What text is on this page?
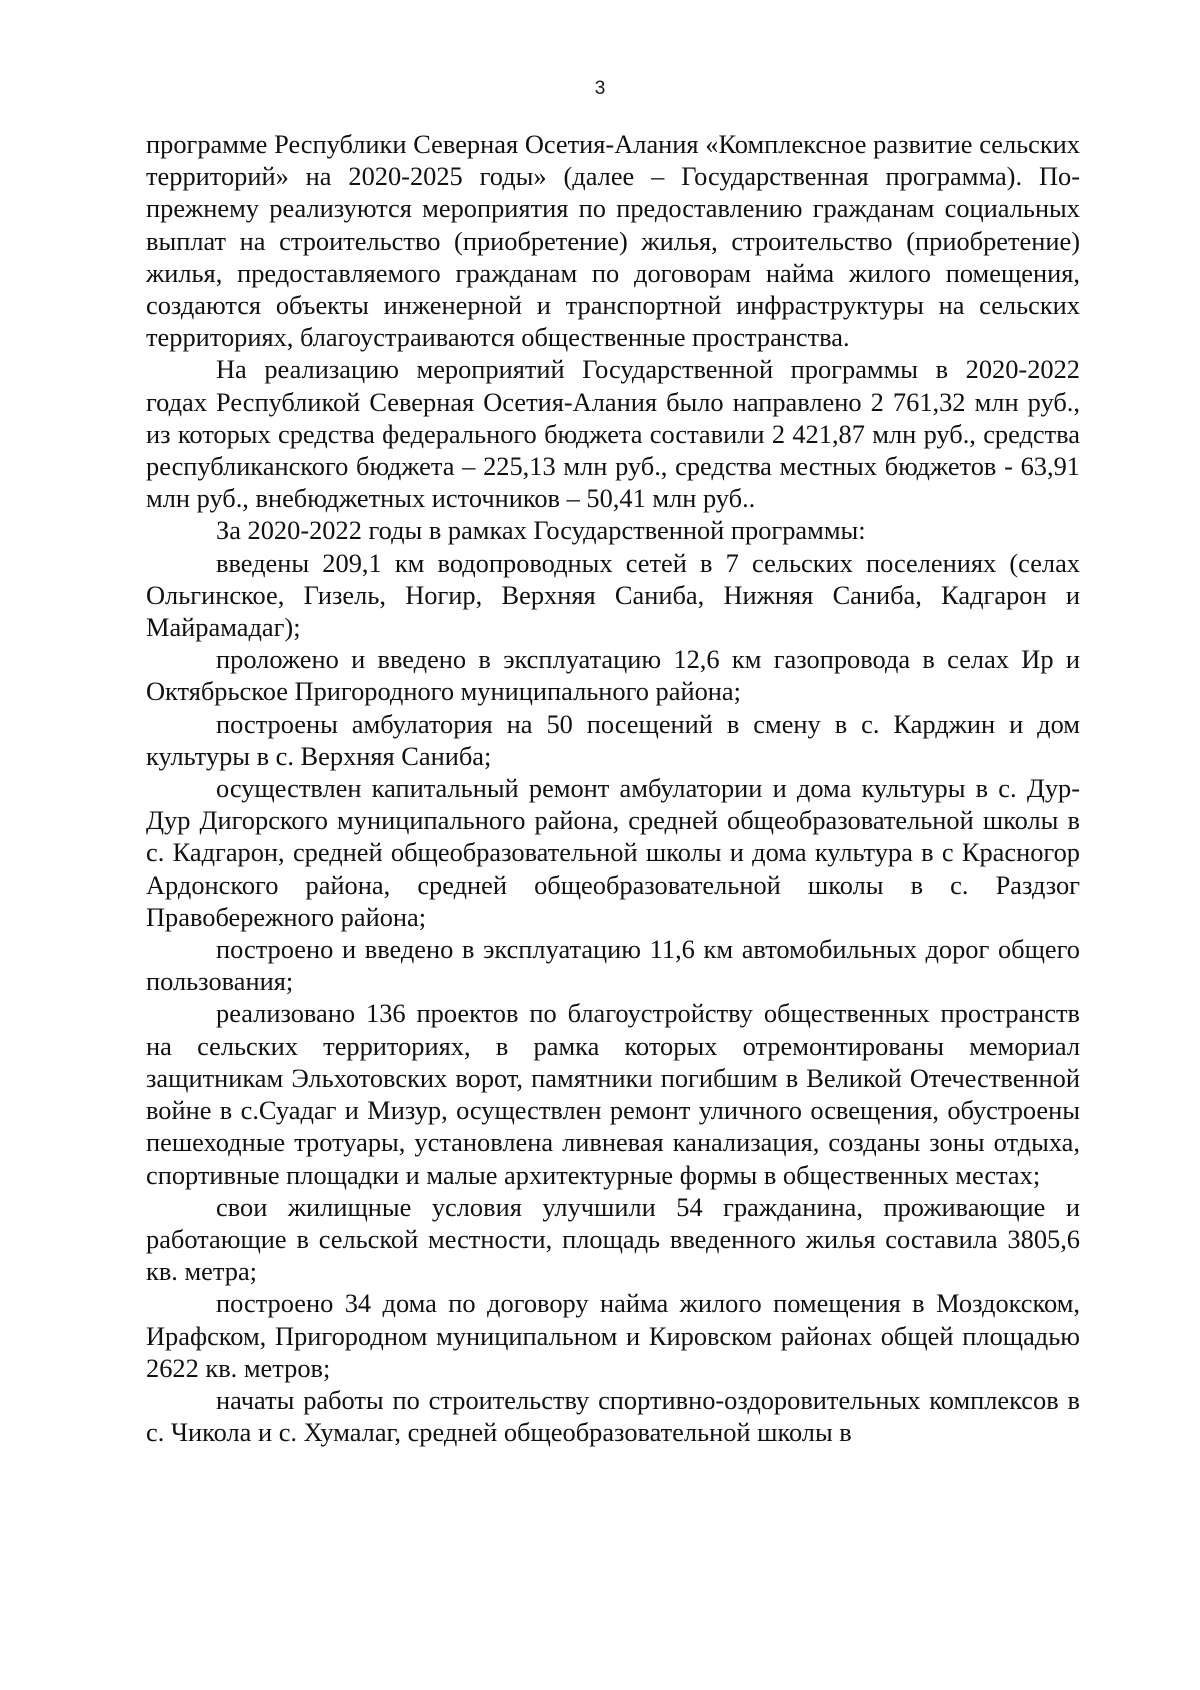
3

программе Республики Северная Осетия-Алания «Комплексное развитие сельских территорий» на 2020-2025 годы» (далее – Государственная программа). По-прежнему реализуются мероприятия по предоставлению гражданам социальных выплат на строительство (приобретение) жилья, строительство (приобретение) жилья, предоставляемого гражданам по договорам найма жилого помещения, создаются объекты инженерной и транспортной инфраструктуры на сельских территориях, благоустраиваются общественные пространства.

На реализацию мероприятий Государственной программы в 2020-2022 годах Республикой Северная Осетия-Алания было направлено 2 761,32 млн руб., из которых средства федерального бюджета составили 2 421,87 млн руб., средства республиканского бюджета – 225,13 млн руб., средства местных бюджетов - 63,91 млн руб., внебюджетных источников – 50,41 млн руб..

За 2020-2022 годы в рамках Государственной программы:

введены 209,1 км водопроводных сетей в 7 сельских поселениях (селах Ольгинское, Гизель, Ногир, Верхняя Саниба, Нижняя Саниба, Кадгарон и Майрамадаг);

проложено и введено в эксплуатацию 12,6 км газопровода в селах Ир и Октябрьское Пригородного муниципального района;

построены амбулатория на 50 посещений в смену в с. Карджин и дом культуры в с. Верхняя Саниба;

осуществлен капитальный ремонт амбулатории и дома культуры в с. Дур-Дур Дигорского муниципального района, средней общеобразовательной школы в с. Кадгарон, средней общеобразовательной школы и дома культура в с Красногор Ардонского района, средней общеобразовательной школы в с. Раздзог Правобережного района;

построено и введено в эксплуатацию 11,6 км автомобильных дорог общего пользования;

реализовано 136 проектов по благоустройству общественных пространств на сельских территориях, в рамка которых отремонтированы мемориал защитникам Эльхотовских ворот, памятники погибшим в Великой Отечественной войне в с.Суадаг и Мизур, осуществлен ремонт уличного освещения, обустроены пешеходные тротуары, установлена ливневая канализация, созданы зоны отдыха, спортивные площадки и малые архитектурные формы в общественных местах;

свои жилищные условия улучшили 54 гражданина, проживающие и работающие в сельской местности, площадь введенного жилья составила 3805,6 кв. метра;

построено 34 дома по договору найма жилого помещения в Моздокском, Ирафском, Пригородном муниципальном и Кировском районах общей площадью 2622 кв. метров;

начаты работы по строительству спортивно-оздоровительных комплексов в с. Чикола и с. Хумалаг, средней общеобразовательной школы в
